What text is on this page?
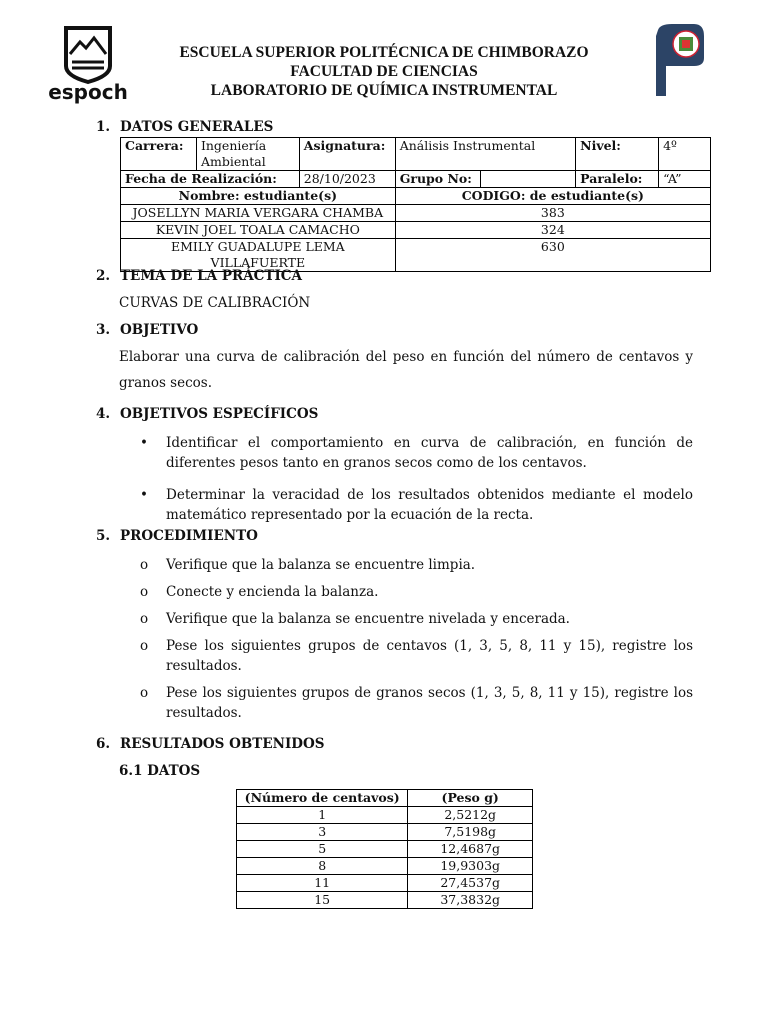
espoch
ESCUELA SUPERIOR POLITÉCNICA DE CHIMBORAZO
FACULTAD DE CIENCIAS
LABORATORIO DE QUÍMICA INSTRUMENTAL
1. DATOS GENERALES
Carrera:	Ingeniería Ambiental	Asignatura:	Análisis Instrumental	Nivel:	4º
Fecha de Realización:		28/10/2023	Grupo No:	Paralelo:	“A”
Nombre: estudiante(s)			CODIGO: de estudiante(s)		
JOSELLYN MARIA VERGARA CHAMBA			383		
KEVIN JOEL TOALA CAMACHO			324		
EMILY GUADALUPE LEMA VILLAFUERTE			630		
2. TEMA DE LA PRÁCTICA
CURVAS DE CALIBRACIÓN
3. OBJETIVO
Elaborar una curva de calibración del peso en función del número de centavos y granos secos.
4. OBJETIVOS ESPECÍFICOS
•	Identificar el comportamiento en curva de calibración, en función de diferentes pesos tanto en granos secos como de los centavos.
•	Determinar la veracidad de los resultados obtenidos mediante el modelo matemático representado por la ecuación de la recta.
5. PROCEDIMIENTO
o	Verifique que la balanza se encuentre limpia.
o	Conecte y encienda la balanza.
o	Verifique que la balanza se encuentre nivelada y encerada.
o	Pese los siguientes grupos de centavos (1, 3, 5, 8, 11 y 15), registre los resultados.
o	Pese los siguientes grupos de granos secos (1, 3, 5, 8, 11 y 15), registre los resultados.
6. RESULTADOS OBTENIDOS
6.1 DATOS
(Número de centavos)	(Peso g)
1	2,5212g
3	7,5198g
5	12,4687g
8	19,9303g
11	27,4537g
15	37,3832g
